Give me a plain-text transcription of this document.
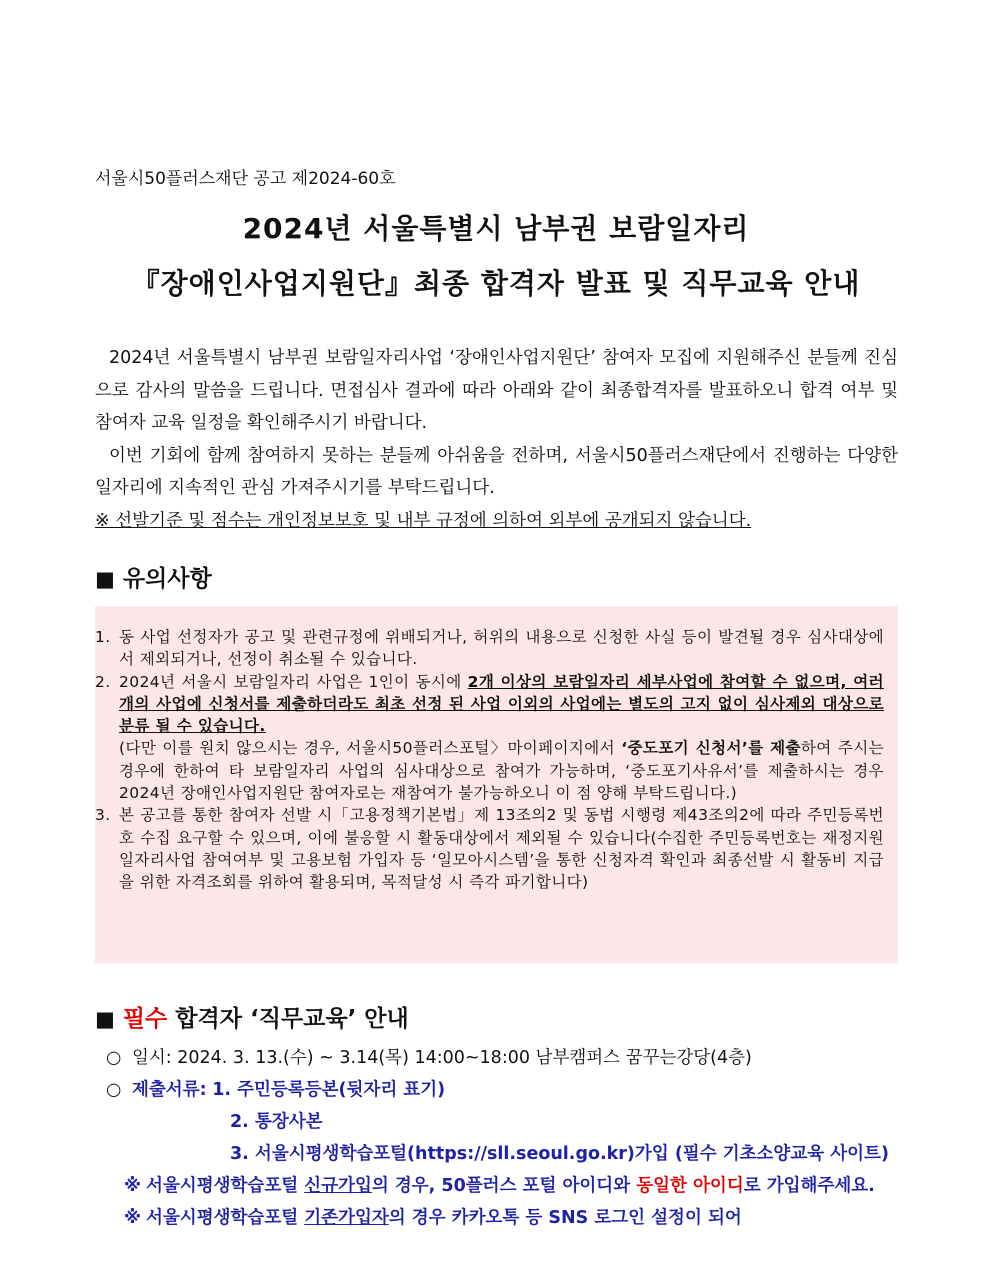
서울시50플러스재단 공고 제2024-60호
2024년 서울특별시 남부권 보람일자리
『장애인사업지원단』최종 합격자 발표 및 직무교육 안내

2024년 서울특별시 남부권 보람일자리사업 ‘장애인사업지원단’ 참여자 모집에 지원해주신 분들께 진심으로 감사의 말씀을 드립니다. 면접심사 결과에 따라 아래와 같이 최종합격자를 발표하오니 합격 여부 및 참여자 교육 일정을 확인해주시기 바랍니다.

이번 기회에 함께 참여하지 못하는 분들께 아쉬움을 전하며, 서울시50플러스재단에서 진행하는 다양한 일자리에 지속적인 관심 가져주시기를 부탁드립니다.

※ 선발기준 및 점수는 개인정보보호 및 내부 규정에 의하여 외부에 공개되지 않습니다.

■ 유의사항
1. 동 사업 선정자가 공고 및 관련규정에 위배되거나, 허위의 내용으로 신청한 사실 등이 발견될 경우 심사대상에서 제외되거나, 선정이 취소될 수 있습니다.
2. 2024년 서울시 보람일자리 사업은 1인이 동시에 2개 이상의 보람일자리 세부사업에 참여할 수 없으며, 여러 개의 사업에 신청서를 제출하더라도 최초 선정 된 사업 이외의 사업에는 별도의 고지 없이 심사제외 대상으로 분류 될 수 있습니다.
(다만 이를 원치 않으시는 경우, 서울시50플러스포털〉마이페이지에서 ‘중도포기 신청서’를 제출하여 주시는 경우에 한하여 타 보람일자리 사업의 심사대상으로 참여가 가능하며, ‘중도포기사유서’를 제출하시는 경우 2024년 장애인사업지원단 참여자로는 재참여가 불가능하오니 이 점 양해 부탁드립니다.)
3. 본 공고를 통한 참여자 선발 시「고용정책기본법」제 13조의2 및 동법 시행령 제43조의2에 따라 주민등록번호 수집 요구할 수 있으며, 이에 불응할 시 활동대상에서 제외될 수 있습니다(수집한 주민등록번호는 재정지원일자리사업 참여여부 및 고용보험 가입자 등 ‘일모아시스템’을 통한 신청자격 확인과 최종선발 시 활동비 지급을 위한 자격조회를 위하여 활용되며, 목적달성 시 즉각 파기합니다)
■ 필수 합격자 ‘직무교육’ 안내
○ 일시: 2024. 3. 13.(수) ~ 3.14(목) 14:00~18:00 남부캠퍼스 꿈꾸는강당(4층)
○ 제출서류: 1. 주민등록등본(뒷자리 표기)
2. 통장사본
3. 서울시평생학습포털(https://sll.seoul.go.kr)가입 (필수 기초소양교육 사이트)
※ 서울시평생학습포털 신규가입의 경우, 50플러스 포털 아이디와 동일한 아이디로 가입해주세요.
※ 서울시평생학습포털 기존가입자의 경우 카카오톡 등 SNS 로그인 설정이 되어
